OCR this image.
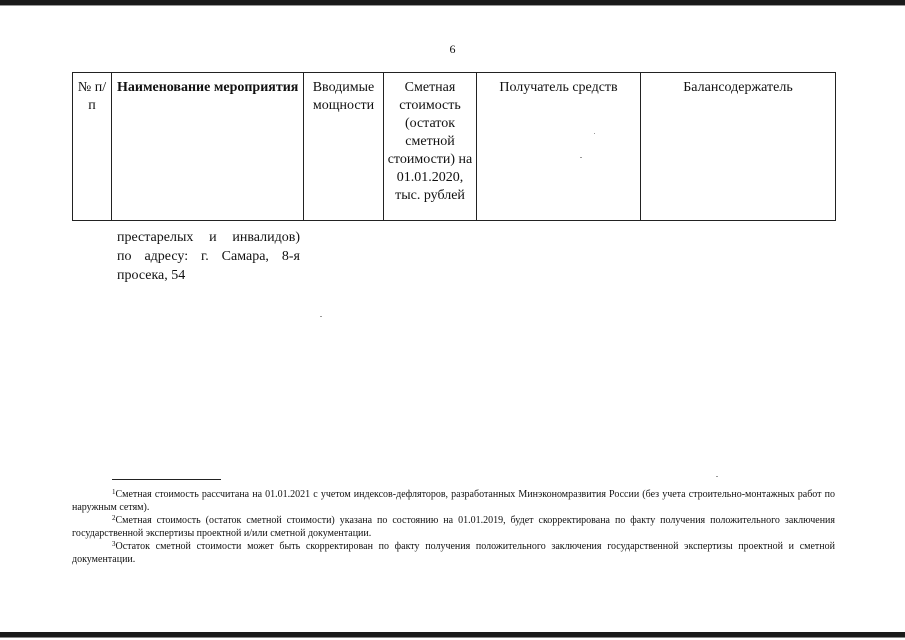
6
№ п/п	Наименование мероприятия	Вводимые мощности	Сметная стоимость (остаток сметной стоимости) на 01.01.2020, тыс. рублей	Получатель средств	Балансодержатель
престарелых и инвалидов)
по адресу: г. Самара, 8-я
просека, 54

$^1$Сметная стоимость рассчитана на 01.01.2021 с учетом индексов-дефляторов, разработанных Минэкономразвития России (без учета строительно-монтажных работ по наружным сетям).

$^2$Сметная стоимость (остаток сметной стоимости) указана по состоянию на 01.01.2019, будет скорректирована по факту получения положительного заключения государственной экспертизы проектной и/или сметной документации.

$^3$Остаток сметной стоимости может быть скорректирован по факту получения положительного заключения государственной экспертизы проектной и сметной документации.
